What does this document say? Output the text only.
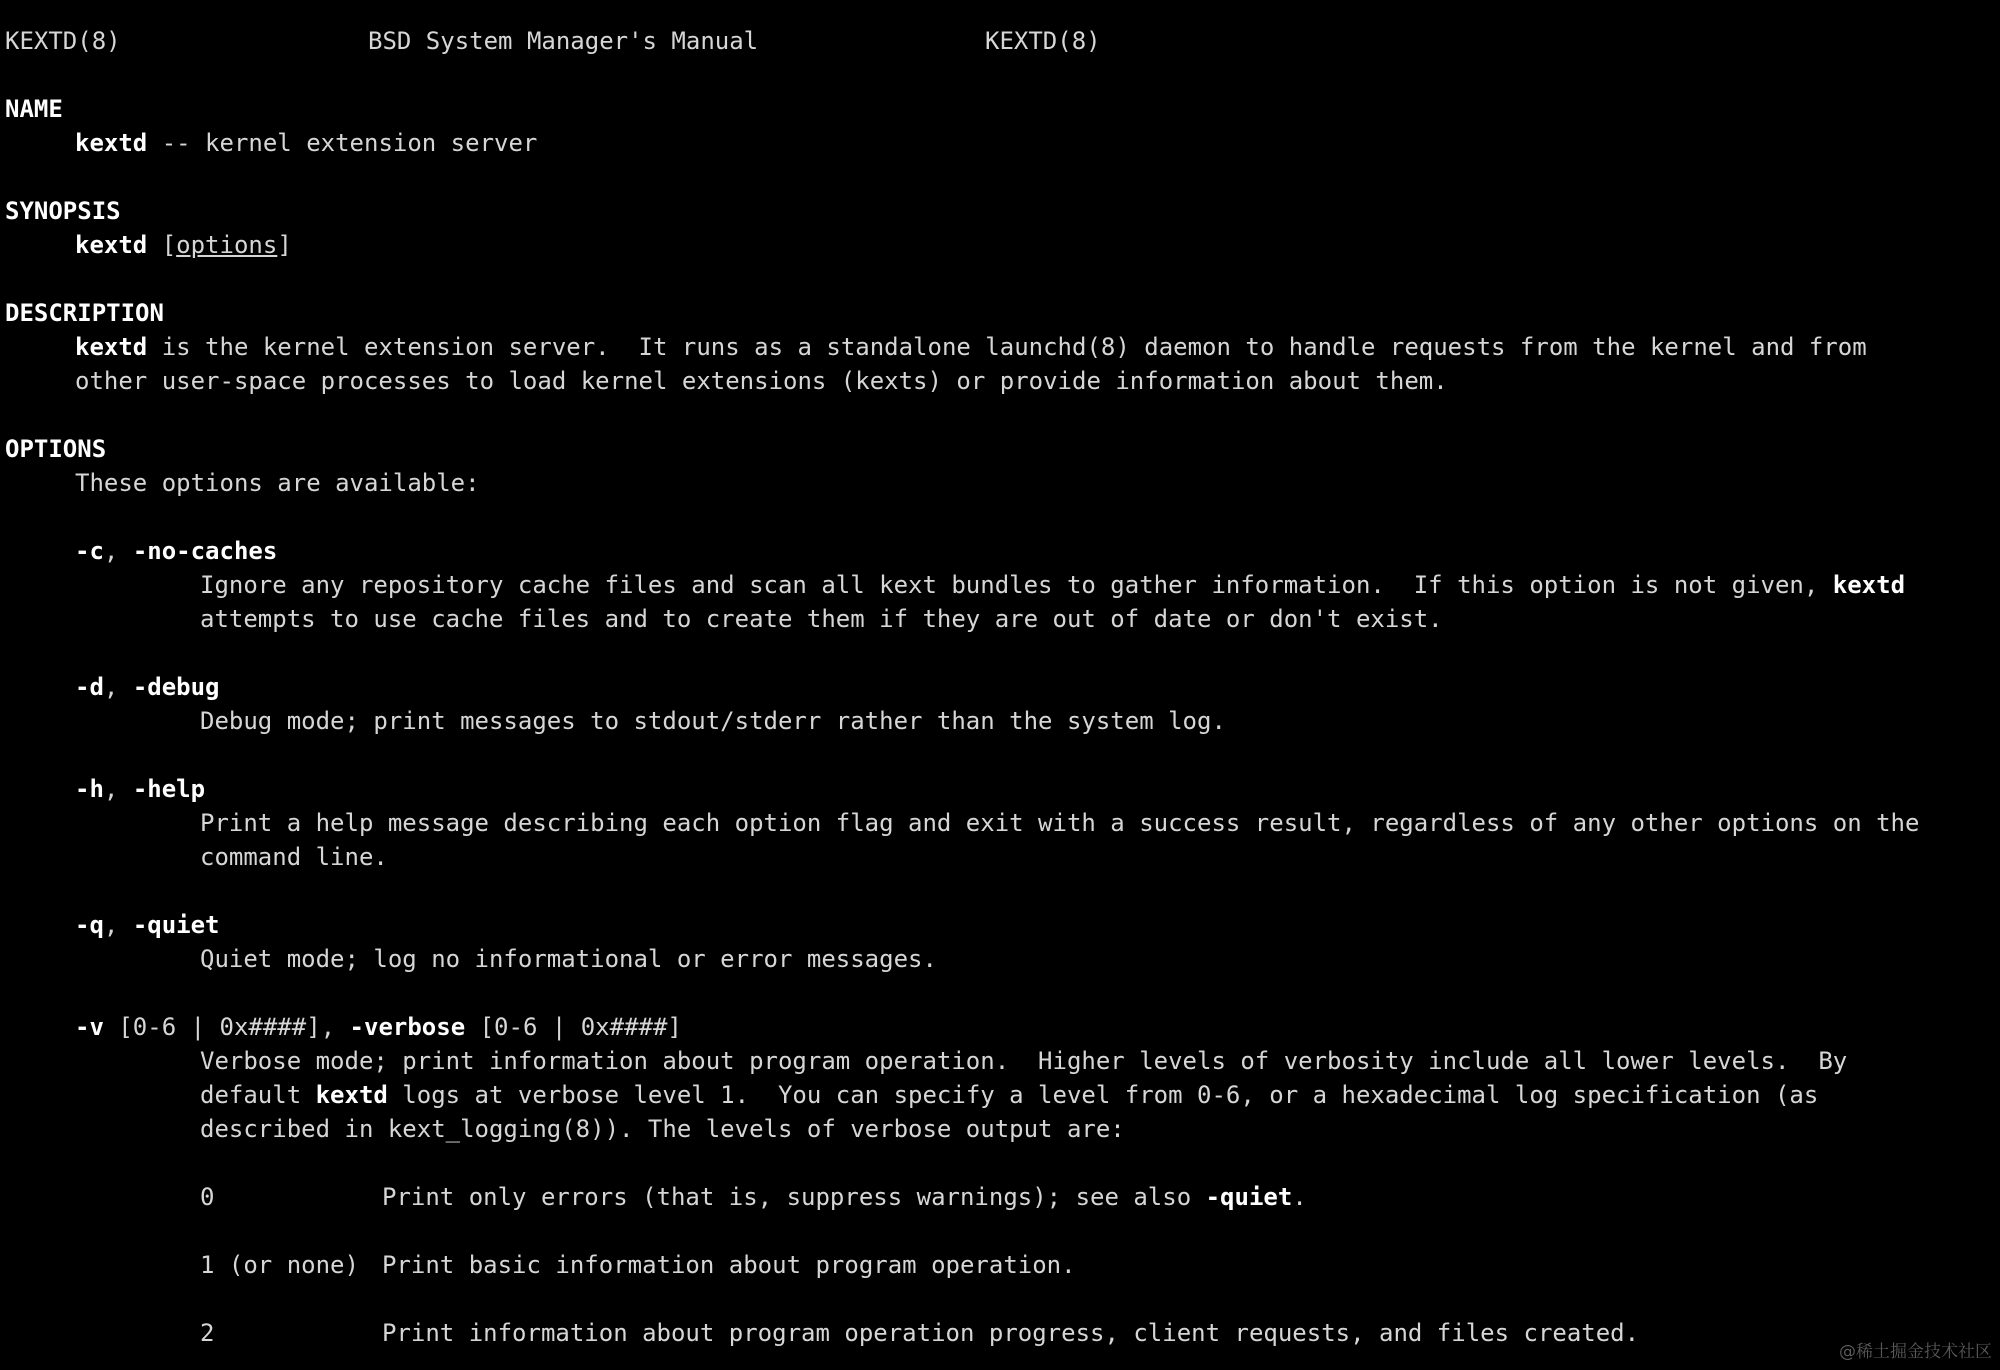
KEXTD(8)	BSD System Manager's Manual	KEXTD(8)
NAME
kextd -- kernel extension server
SYNOPSIS
kextd [options]
DESCRIPTION
kextd is the kernel extension server.  It runs as a standalone launchd(8) daemon to handle requests from the kernel and from
other user-space processes to load kernel extensions (kexts) or provide information about them.
OPTIONS
These options are available:
-c, -no-caches
Ignore any repository cache files and scan all kext bundles to gather information.  If this option is not given, kextd
attempts to use cache files and to create them if they are out of date or don't exist.
-d, -debug
Debug mode; print messages to stdout/stderr rather than the system log.
-h, -help
Print a help message describing each option flag and exit with a success result, regardless of any other options on the
command line.
-q, -quiet
Quiet mode; log no informational or error messages.
-v [0-6 | 0x####], -verbose [0-6 | 0x####]
Verbose mode; print information about program operation.  Higher levels of verbosity include all lower levels.  By
default kextd logs at verbose level 1.  You can specify a level from 0-6, or a hexadecimal log specification (as
described in kext_logging(8)). The levels of verbose output are:
0	Print only errors (that is, suppress warnings); see also -quiet.
1 (or none) Print basic information about program operation.
2	Print information about program operation progress, client requests, and files created.
@稀土掘金技术社区
